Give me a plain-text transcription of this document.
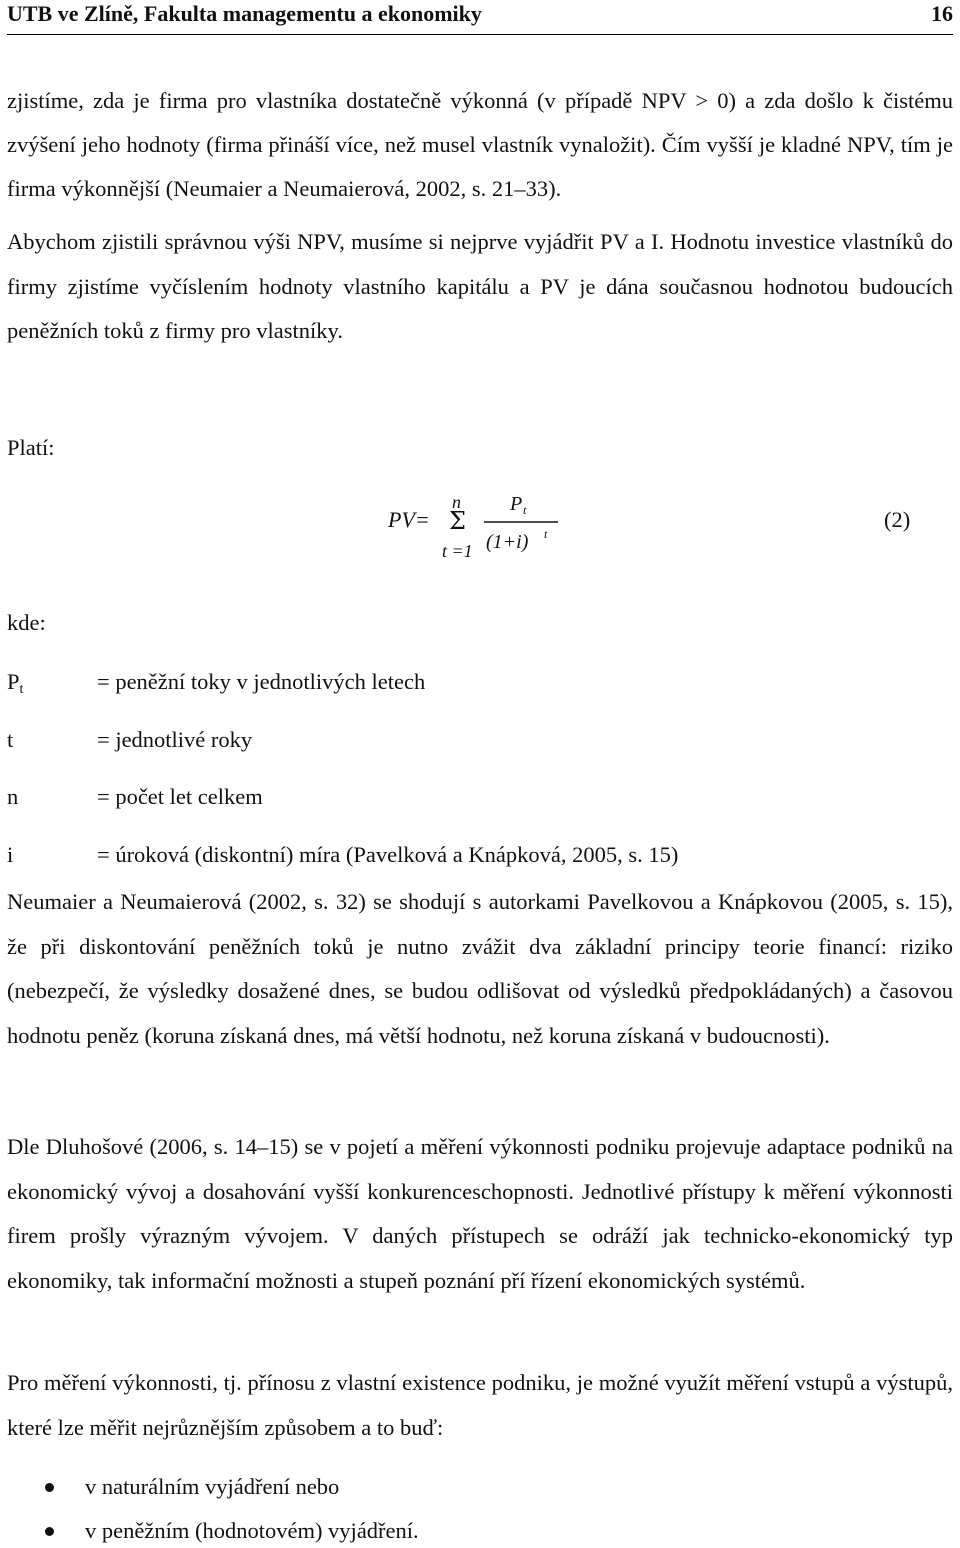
UTB ve Zlíně, Fakulta managementu a ekonomiky	16
zjistíme, zda je firma pro vlastníka dostatečně výkonná (v případě NPV > 0) a zda došlo k čistému zvýšení jeho hodnoty (firma přináší více, než musel vlastník vynaložit). Čím vyšší je kladné NPV, tím je firma výkonnější (Neumaier a Neumaierová, 2002, s. 21–33).
Abychom zjistili správnou výši NPV, musíme si nejprve vyjádřit PV a I. Hodnotu investice vlastníků do firmy zjistíme vyčíslením hodnoty vlastního kapitálu a PV je dána současnou hodnotou budoucích peněžních toků z firmy pro vlastníky.
Platí:
PV=
n
Σ
t =1
P t
(1+i) t
(2)
kde:
$P_t$	= peněžní toky v jednotlivých letech
t	= jednotlivé roky
n	= počet let celkem
i	= úroková (diskontní) míra (Pavelková a Knápková, 2005, s. 15)
Neumaier a Neumaierová (2002, s. 32) se shodují s autorkami Pavelkovou a Knápkovou (2005, s. 15), že při diskontování peněžních toků je nutno zvážit dva základní principy teorie financí: riziko (nebezpečí, že výsledky dosažené dnes, se budou odlišovat od výsledků předpokládaných) a časovou hodnotu peněz (koruna získaná dnes, má větší hodnotu, než koruna získaná v budoucnosti).
Dle Dluhošové (2006, s. 14–15) se v pojetí a měření výkonnosti podniku projevuje adaptace podniků na ekonomický vývoj a dosahování vyšší konkurenceschopnosti. Jednotlivé přístupy k měření výkonnosti firem prošly výrazným vývojem. V daných přístupech se odráží jak technicko-ekonomický typ ekonomiky, tak informační možnosti a stupeň poznání pří řízení ekonomických systémů.
Pro měření výkonnosti, tj. přínosu z vlastní existence podniku, je možné využít měření vstupů a výstupů, které lze měřit nejrůznějším způsobem a to buď:
v naturálním vyjádření nebo
v peněžním (hodnotovém) vyjádření.
